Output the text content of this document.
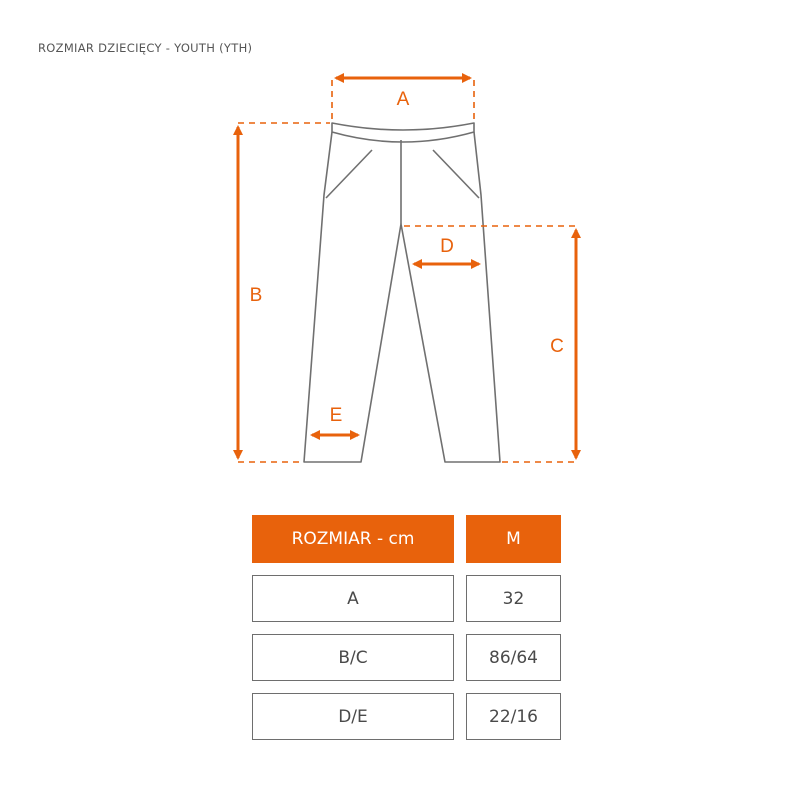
ROZMIAR DZIECIĘCY - YOUTH (YTH)
A
B
C
D
E
ROZMIAR - cm	M
A	32
B/C	86/64
D/E	22/16
